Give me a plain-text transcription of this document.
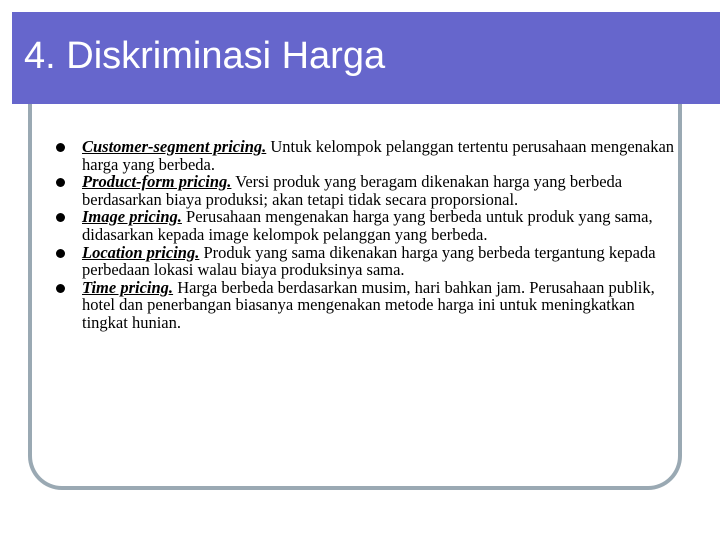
4. Diskriminasi Harga
Customer-segment pricing. Untuk kelompok pelanggan tertentu perusahaan mengenakan harga yang berbeda.
Product-form pricing. Versi produk yang beragam dikenakan harga yang berbeda berdasarkan biaya produksi; akan tetapi tidak secara proporsional.
Image pricing. Perusahaan mengenakan harga yang berbeda untuk produk yang sama, didasarkan kepada image kelompok pelanggan yang berbeda.
Location pricing. Produk yang sama dikenakan harga yang berbeda tergantung kepada perbedaan lokasi walau biaya produksinya sama.
Time pricing. Harga berbeda berdasarkan musim, hari bahkan jam. Perusahaan publik, hotel dan penerbangan biasanya mengenakan metode harga ini untuk meningkatkan tingkat hunian.
